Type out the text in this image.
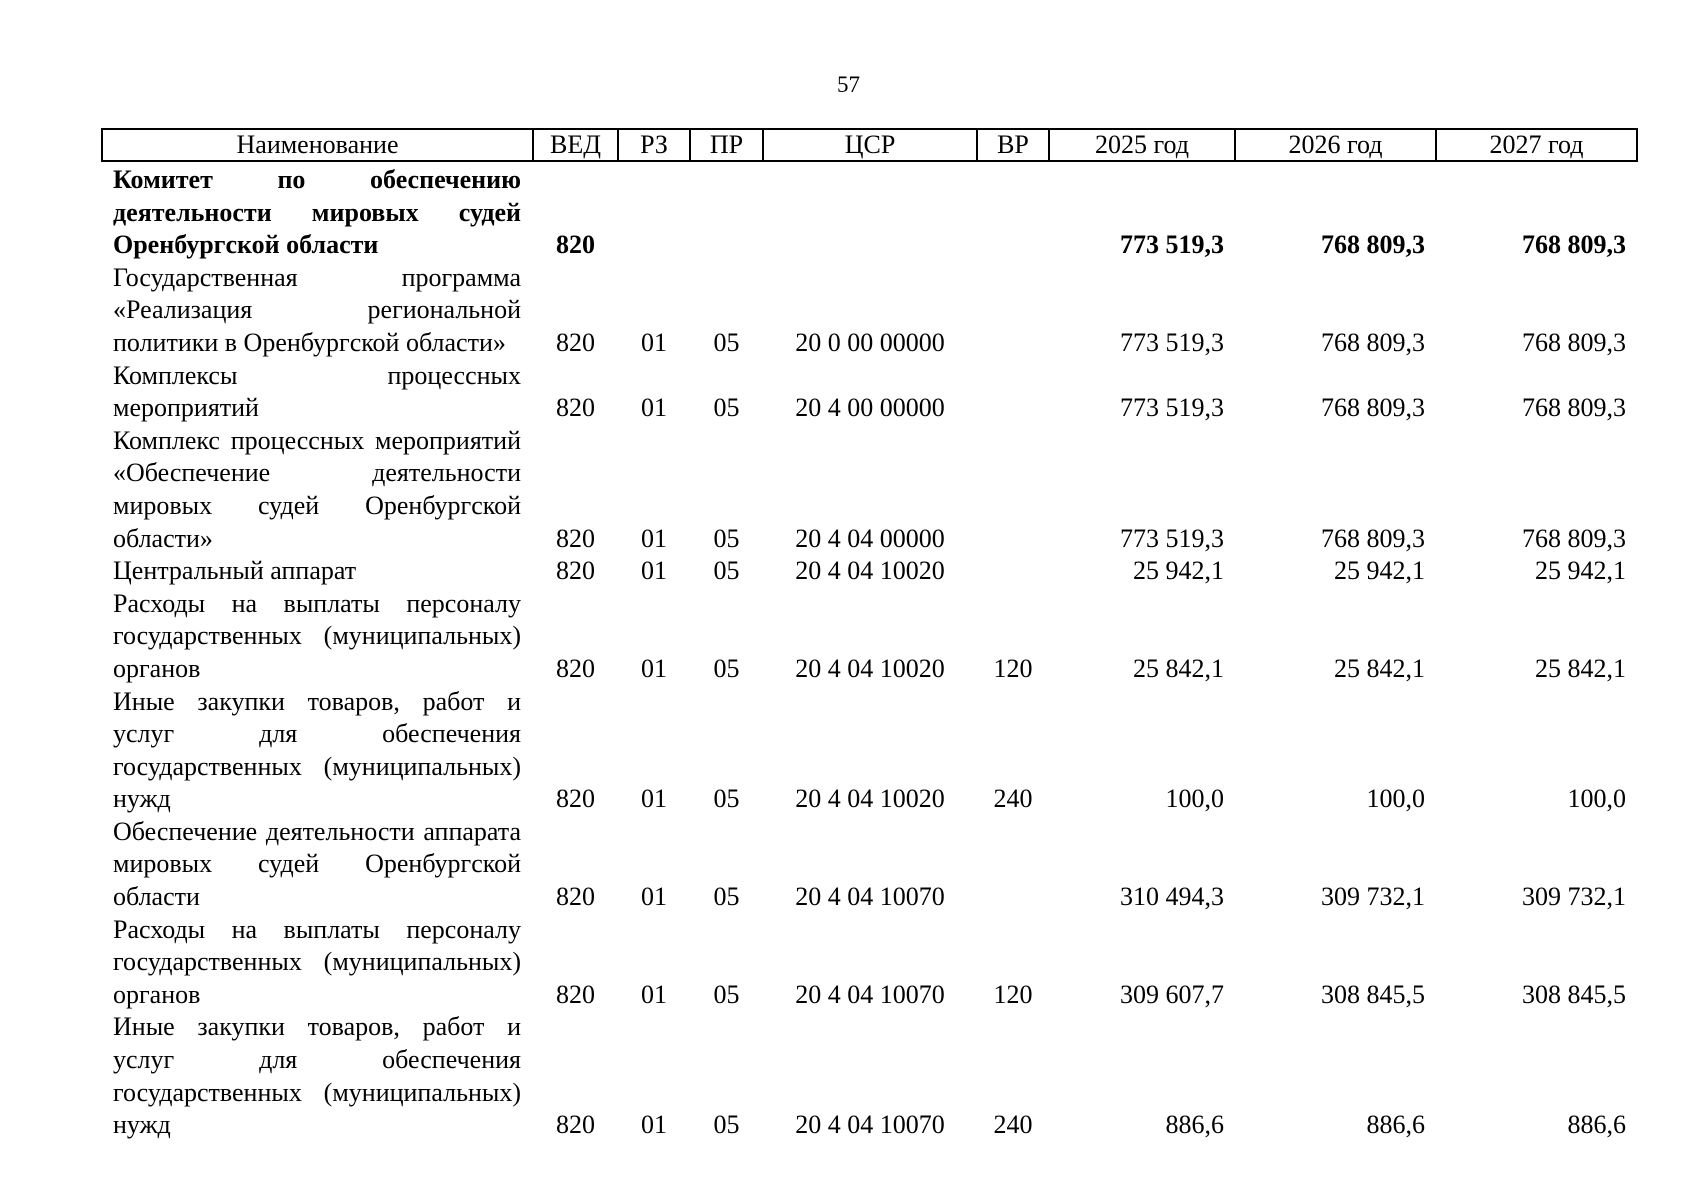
57
Наименование	ВЕД	РЗ	ПР	ЦСР	ВР	2025 год	2026 год	2027 год
Комитет по обеспечению деятельности мировых судей Оренбургской области	820					773 519,3	768 809,3	768 809,3
Государственная программа «Реализация региональной политики в Оренбургской области»	820	01	05	20 0 00 00000		773 519,3	768 809,3	768 809,3
Комплексы процессных мероприятий	820	01	05	20 4 00 00000		773 519,3	768 809,3	768 809,3
Комплекс процессных мероприятий «Обеспечение деятельности мировых судей Оренбургской области»	820	01	05	20 4 04 00000		773 519,3	768 809,3	768 809,3
Центральный аппарат	820	01	05	20 4 04 10020		25 942,1	25 942,1	25 942,1
Расходы на выплаты персоналу государственных (муниципальных) органов	820	01	05	20 4 04 10020	120	25 842,1	25 842,1	25 842,1
Иные закупки товаров, работ и услуг для обеспечения государственных (муниципальных) нужд	820	01	05	20 4 04 10020	240	100,0	100,0	100,0
Обеспечение деятельности аппарата мировых судей Оренбургской области	820	01	05	20 4 04 10070		310 494,3	309 732,1	309 732,1
Расходы на выплаты персоналу государственных (муниципальных) органов	820	01	05	20 4 04 10070	120	309 607,7	308 845,5	308 845,5
Иные закупки товаров, работ и услуг для обеспечения государственных (муниципальных) нужд	820	01	05	20 4 04 10070	240	886,6	886,6	886,6
